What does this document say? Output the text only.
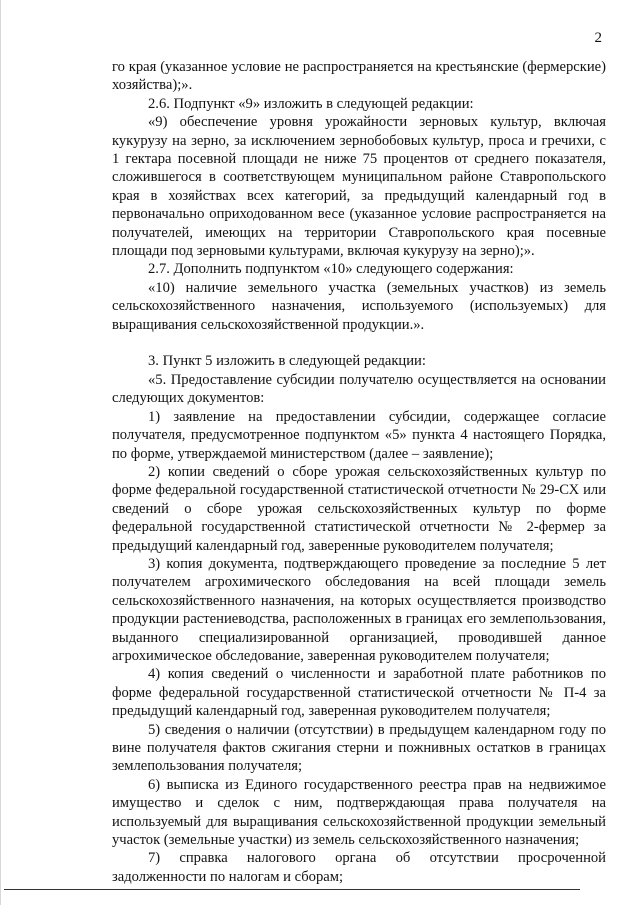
2

го края (указанное условие не распространяется на крестьянские (фермерские) хозяйства);».

2.6. Подпункт «9» изложить в следующей редакции:

«9) обеспечение уровня урожайности зерновых культур, включая кукурузу на зерно, за исключением зернобобовых культур, проса и гречихи, с 1 гектара посевной площади не ниже 75 процентов от среднего показателя, сложившегося в соответствующем муниципальном районе Ставропольского края в хозяйствах всех категорий, за предыдущий календарный год в первоначально оприходованном весе (указанное условие распространяется на получателей, имеющих на территории Ставропольского края посевные площади под зерновыми культурами, включая кукурузу на зерно);».

2.7. Дополнить подпунктом «10» следующего содержания:

«10) наличие земельного участка (земельных участков) из земель сельскохозяйственного назначения, используемого (используемых) для выращивания сельскохозяйственной продукции.».

3. Пункт 5 изложить в следующей редакции:

«5. Предоставление субсидии получателю осуществляется на основании следующих документов:

1) заявление на предоставлении субсидии, содержащее согласие получателя, предусмотренное подпунктом «5» пункта 4 настоящего Порядка, по форме, утверждаемой министерством (далее – заявление);

2) копии сведений о сборе урожая сельскохозяйственных культур по форме федеральной государственной статистической отчетности № 29-СХ или сведений о сборе урожая сельскохозяйственных культур по форме федеральной государственной статистической отчетности № 2-фермер за предыдущий календарный год, заверенные руководителем получателя;

3) копия документа, подтверждающего проведение за последние 5 лет получателем агрохимического обследования на всей площади земель сельскохозяйственного назначения, на которых осуществляется производство продукции растениеводства, расположенных в границах его землепользования, выданного специализированной организацией, проводившей данное агрохимическое обследование, заверенная руководителем получателя;

4) копия сведений о численности и заработной плате работников по форме федеральной государственной статистической отчетности № П-4 за предыдущий календарный год, заверенная руководителем получателя;

5) сведения о наличии (отсутствии) в предыдущем календарном году по вине получателя фактов сжигания стерни и пожнивных остатков в границах землепользования получателя;

6) выписка из Единого государственного реестра прав на недвижимое имущество и сделок с ним, подтверждающая права получателя на используемый для выращивания сельскохозяйственной продукции земельный участок (земельные участки) из земель сельскохозяйственного назначения;

7) справка налогового органа об отсутствии просроченной задолженности по налогам и сборам;
